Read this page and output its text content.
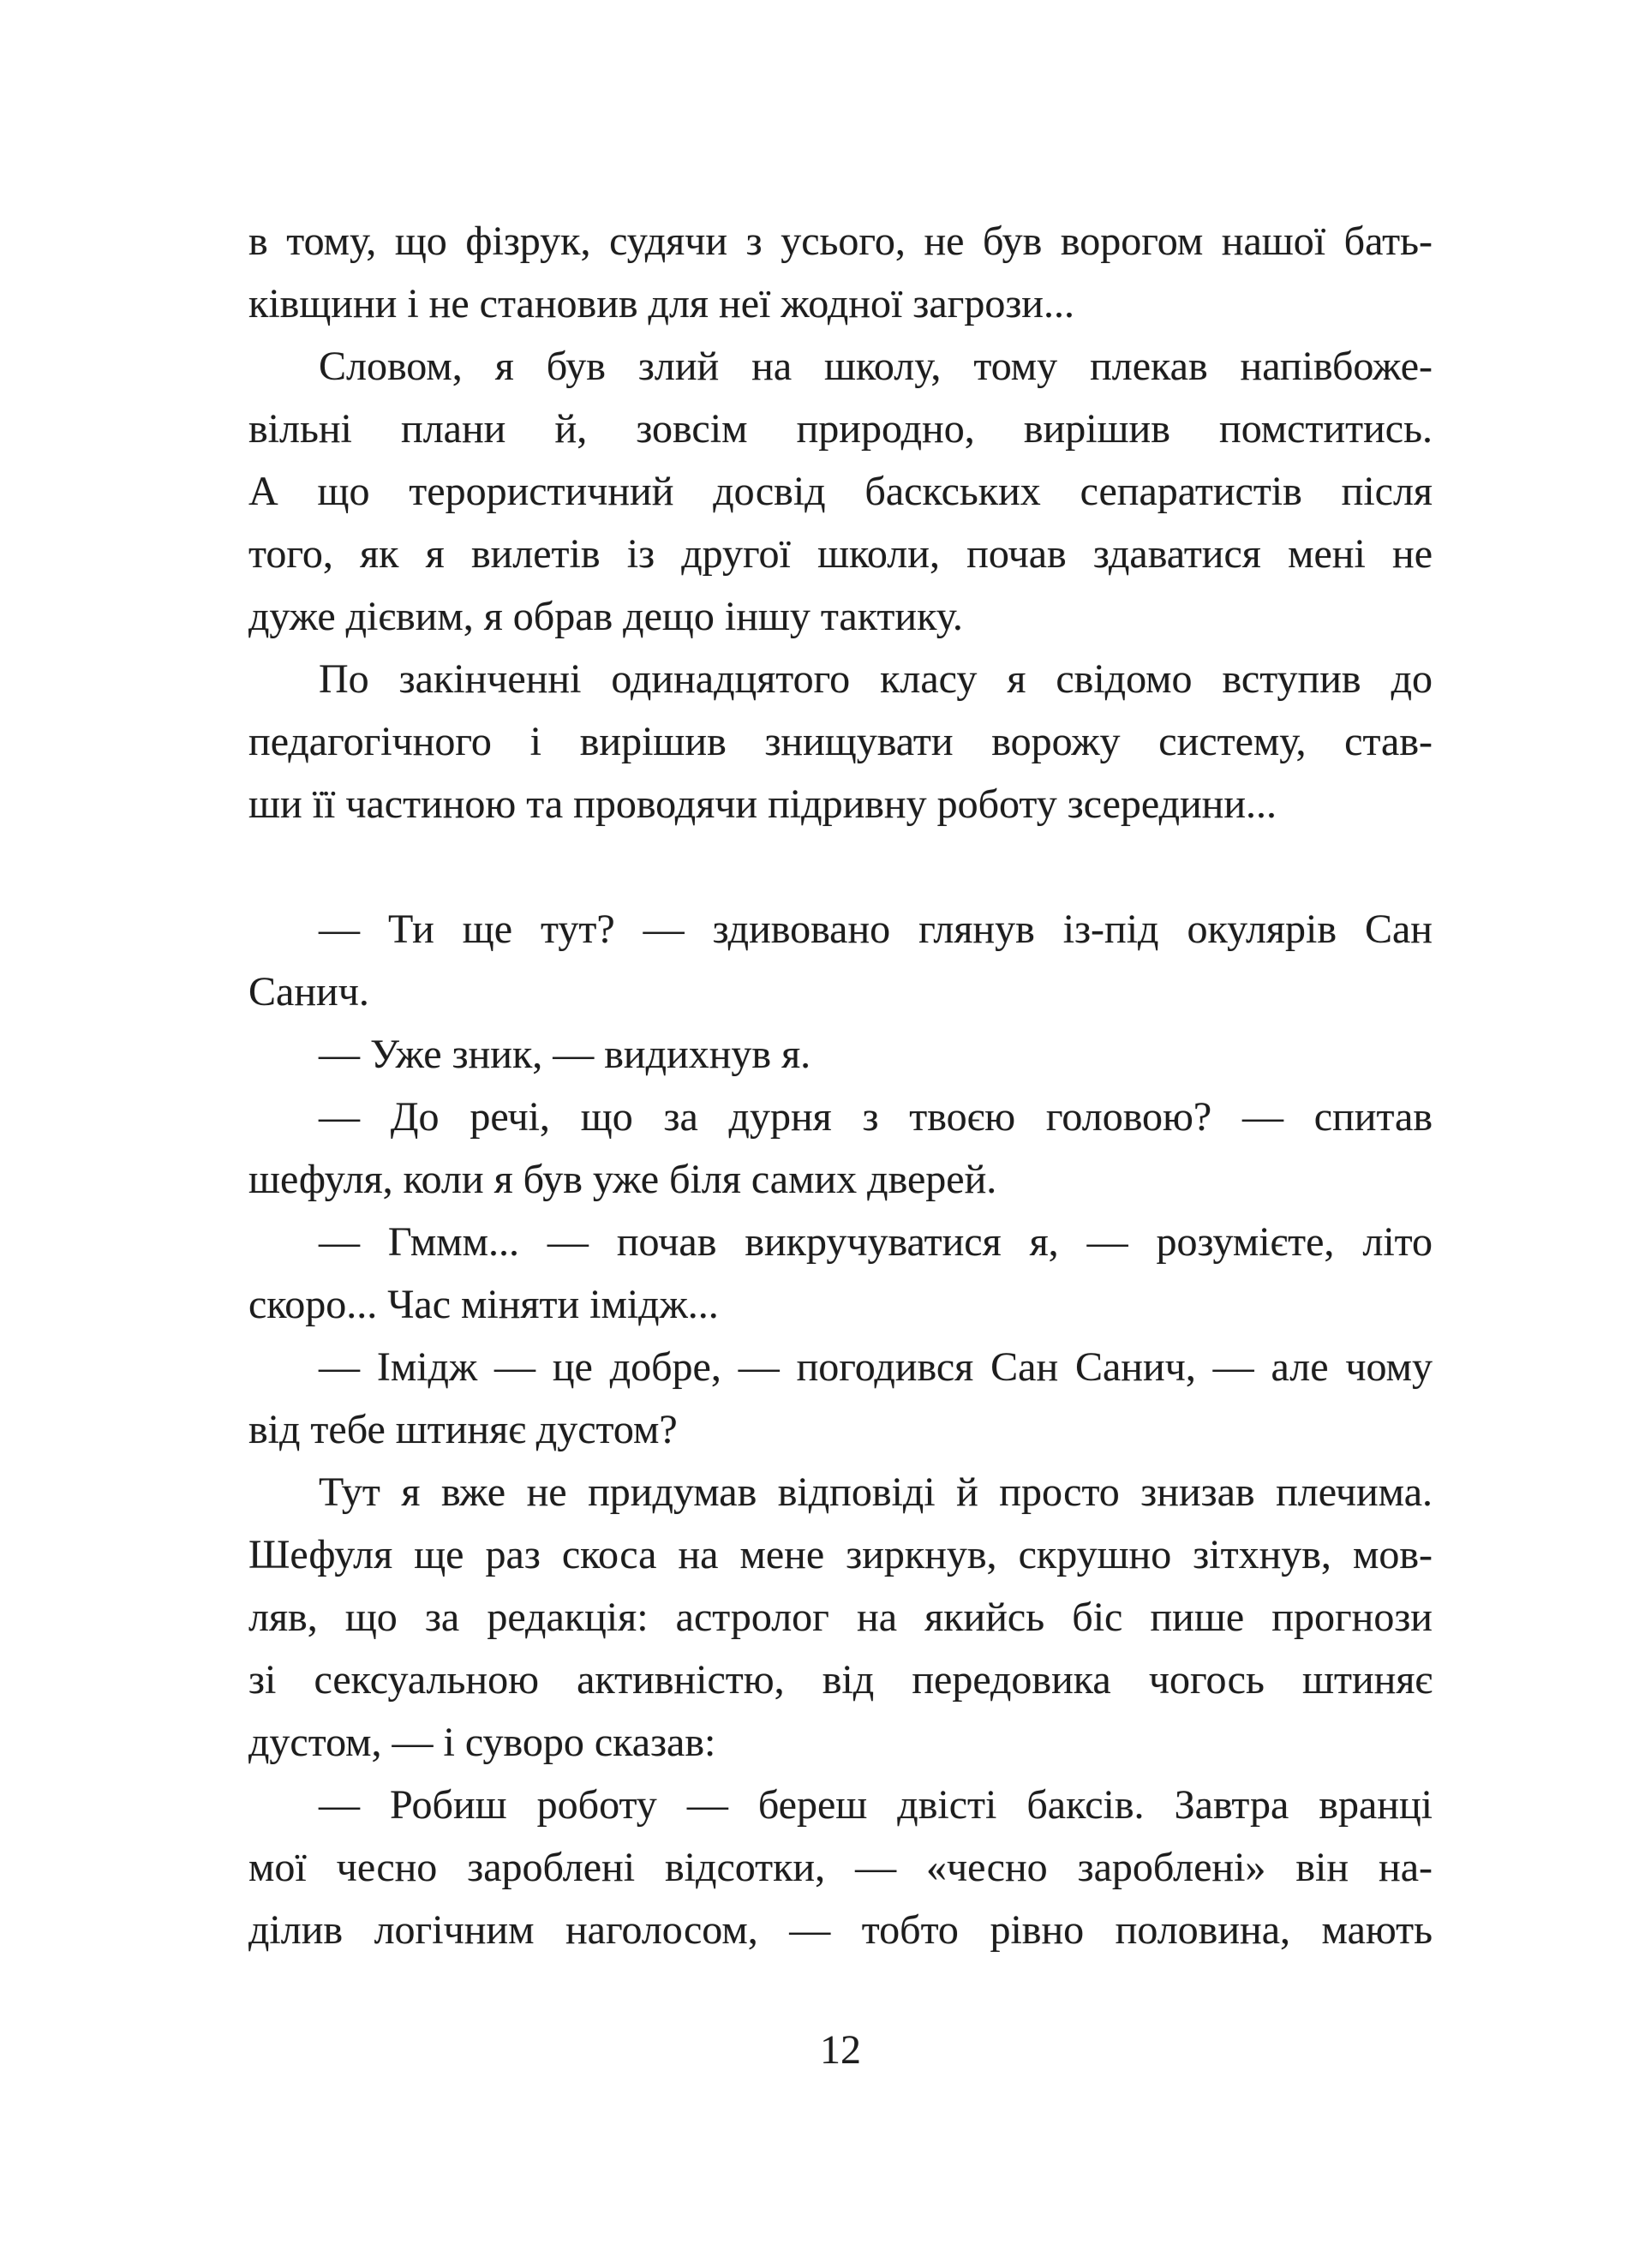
в тому, що фізрук, судячи з усього, не був ворогом нашої бать-
ківщини і не становив для неї жодної загрози...
Словом, я був злий на школу, тому плекав напівбоже-
вільні плани й, зовсім природно, вирішив помститись.
А що терористичний досвід баскських сепаратистів після
того, як я вилетів із другої школи, почав здаватися мені не
дуже дієвим, я обрав дещо іншу тактику.
По закінченні одинадцятого класу я свідомо вступив до
педагогічного і вирішив знищувати ворожу систему, став-
ши її частиною та проводячи підривну роботу зсередини...
— Ти ще тут? — здивовано глянув із-під окулярів Сан
Санич.
— Уже зник, — видихнув я.
— До речі, що за дурня з твоєю головою? — спитав
шефуля, коли я був уже біля самих дверей.
— Гммм... — почав викручуватися я, — розумієте, літо
скоро... Час міняти імідж...
— Імідж — це добре, — погодився Сан Санич, — але чому
від тебе штиняє дустом?
Тут я вже не придумав відповіді й просто знизав плечима.
Шефуля ще раз скоса на мене зиркнув, скрушно зітхнув, мов-
ляв, що за редакція: астролог на якийсь біс пише прогнози
зі сексуальною активністю, від передовика чогось штиняє
дустом, — і суворо сказав:
— Робиш роботу — береш двісті баксів. Завтра вранці
мої чесно зароблені відсотки, — «чесно зароблені» він на-
ділив логічним наголосом, — тобто рівно половина, мають
12
